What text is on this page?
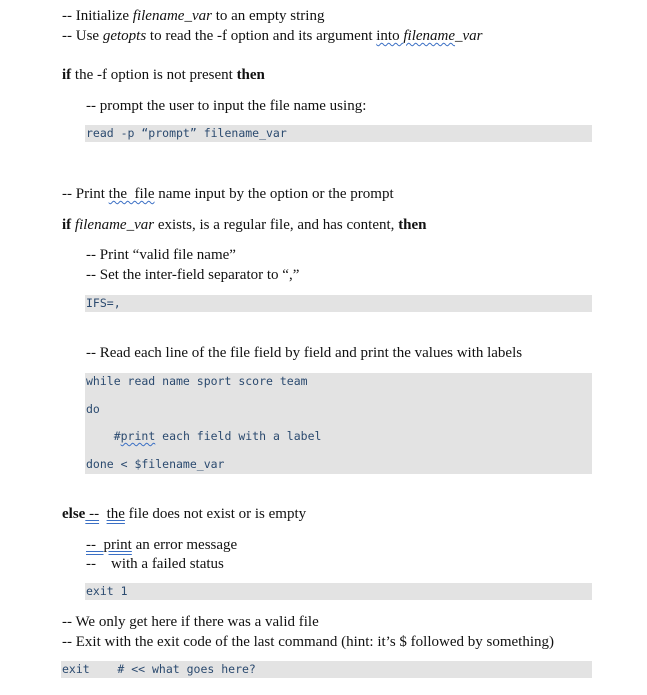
-- Initialize filename_var to an empty string
-- Use getopts to read the -f option and its argument into filename_var
if the -f option is not present then
-- prompt the user to input the file name using:
read -p “prompt” filename_var
-- Print the  file name input by the option or the prompt
if filename_var exists, is a regular file, and has content, then
-- Print “valid file name”
-- Set the inter-field separator to “,”
IFS=,
-- Read each line of the file field by field and print the values with labels
while read name sport score team
do
#print each field with a label
done < $filename_var
else -- the file does not exist or is empty
-- print an error message
--    with a failed status
exit 1
-- We only get here if there was a valid file
-- Exit with the exit code of the last command (hint: it’s $ followed by something)
exit    # << what goes here?
